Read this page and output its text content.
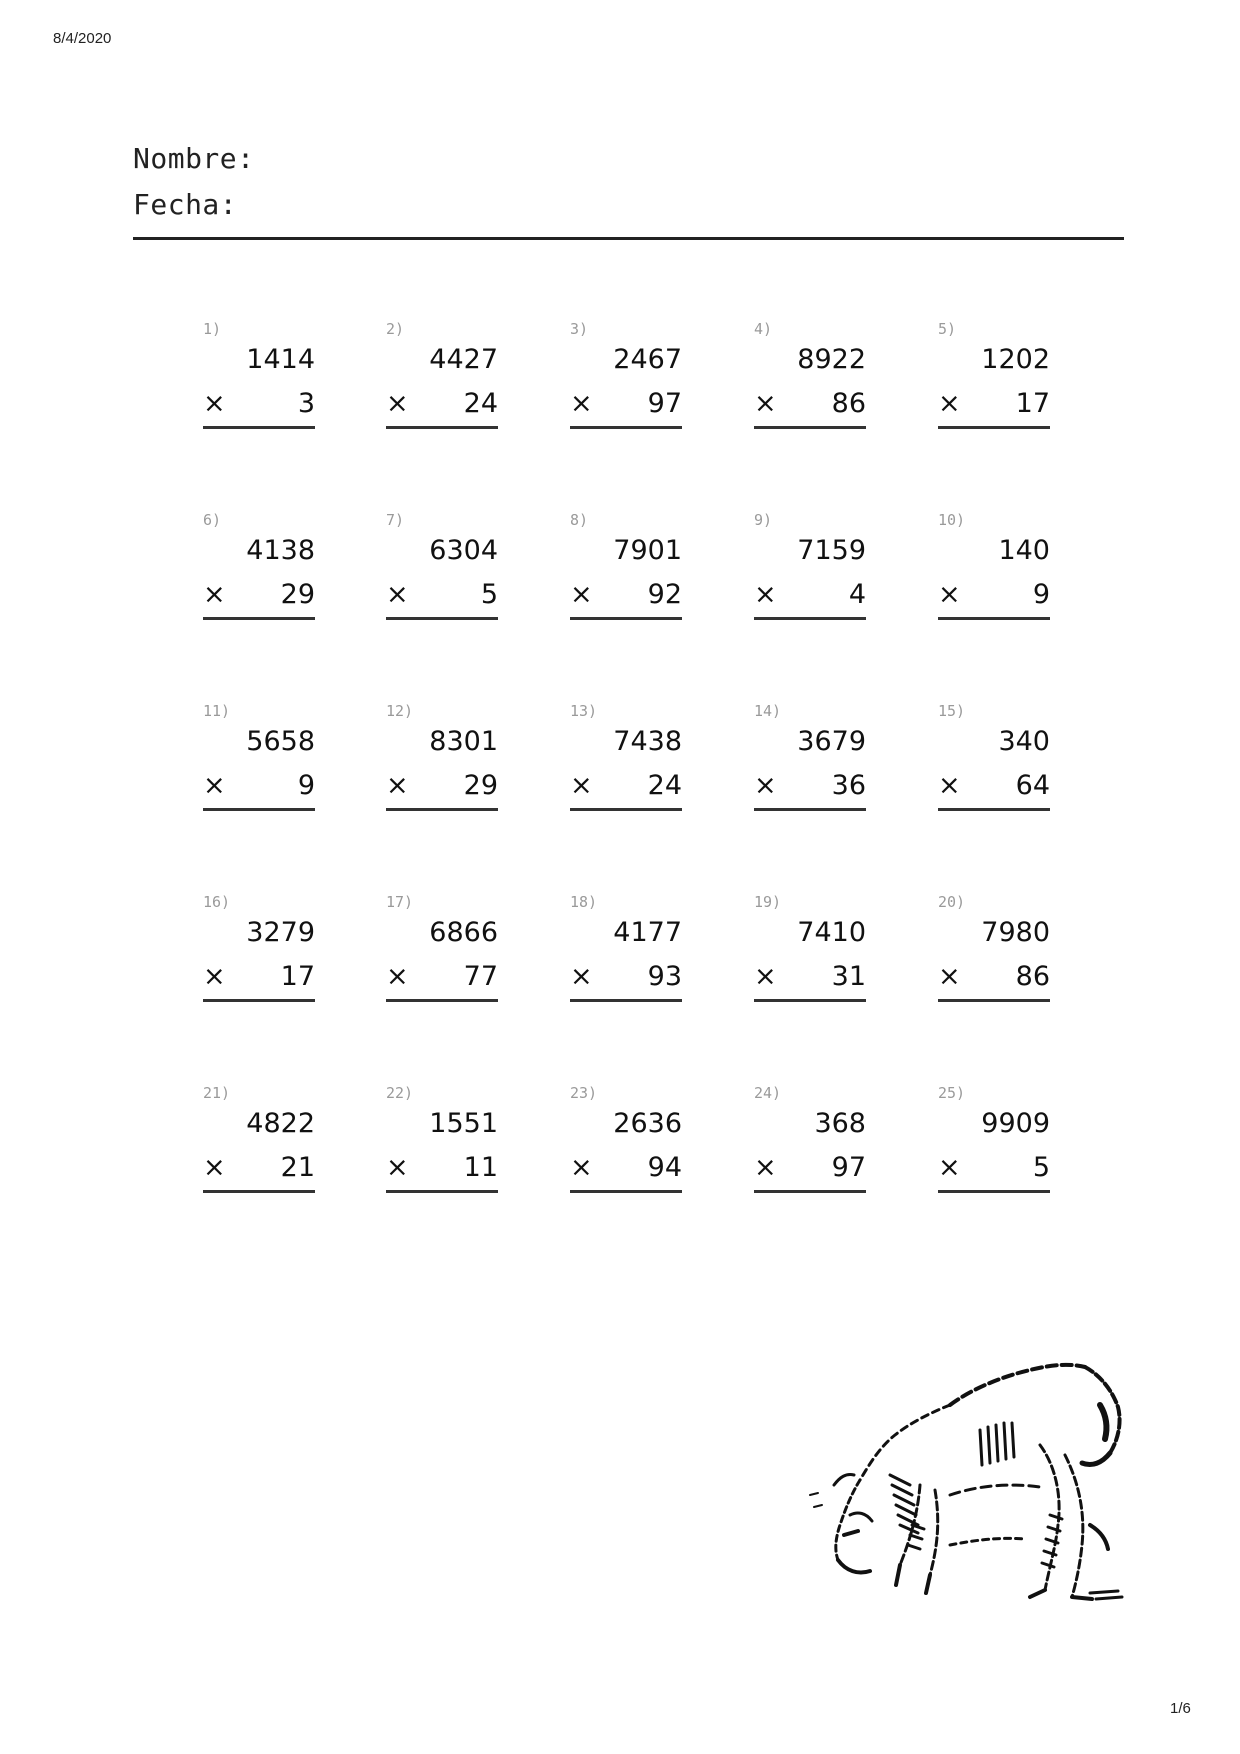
8/4/2020
Nombre:
Fecha:
1)
1414
×	3
2)
4427
× 24
3)
2467
× 97
4)
8922
× 86
5)
1202
× 17
6)
4138
× 29
7)
6304
×	5
8)
7901
× 92
9)
7159
×	4
10)
140
×	9
11)
5658
×	9
12)
8301
× 29
13)
7438
× 24
14)
3679
× 36
15)
340
× 64
16)
3279
× 17
17)
6866
× 77
18)
4177
× 93
19)
7410
× 31
20)
7980
× 86
21)
4822
× 21
22)
1551
× 11
23)
2636
× 94
24)
368
× 97
25)
9909
×	5
1/6
